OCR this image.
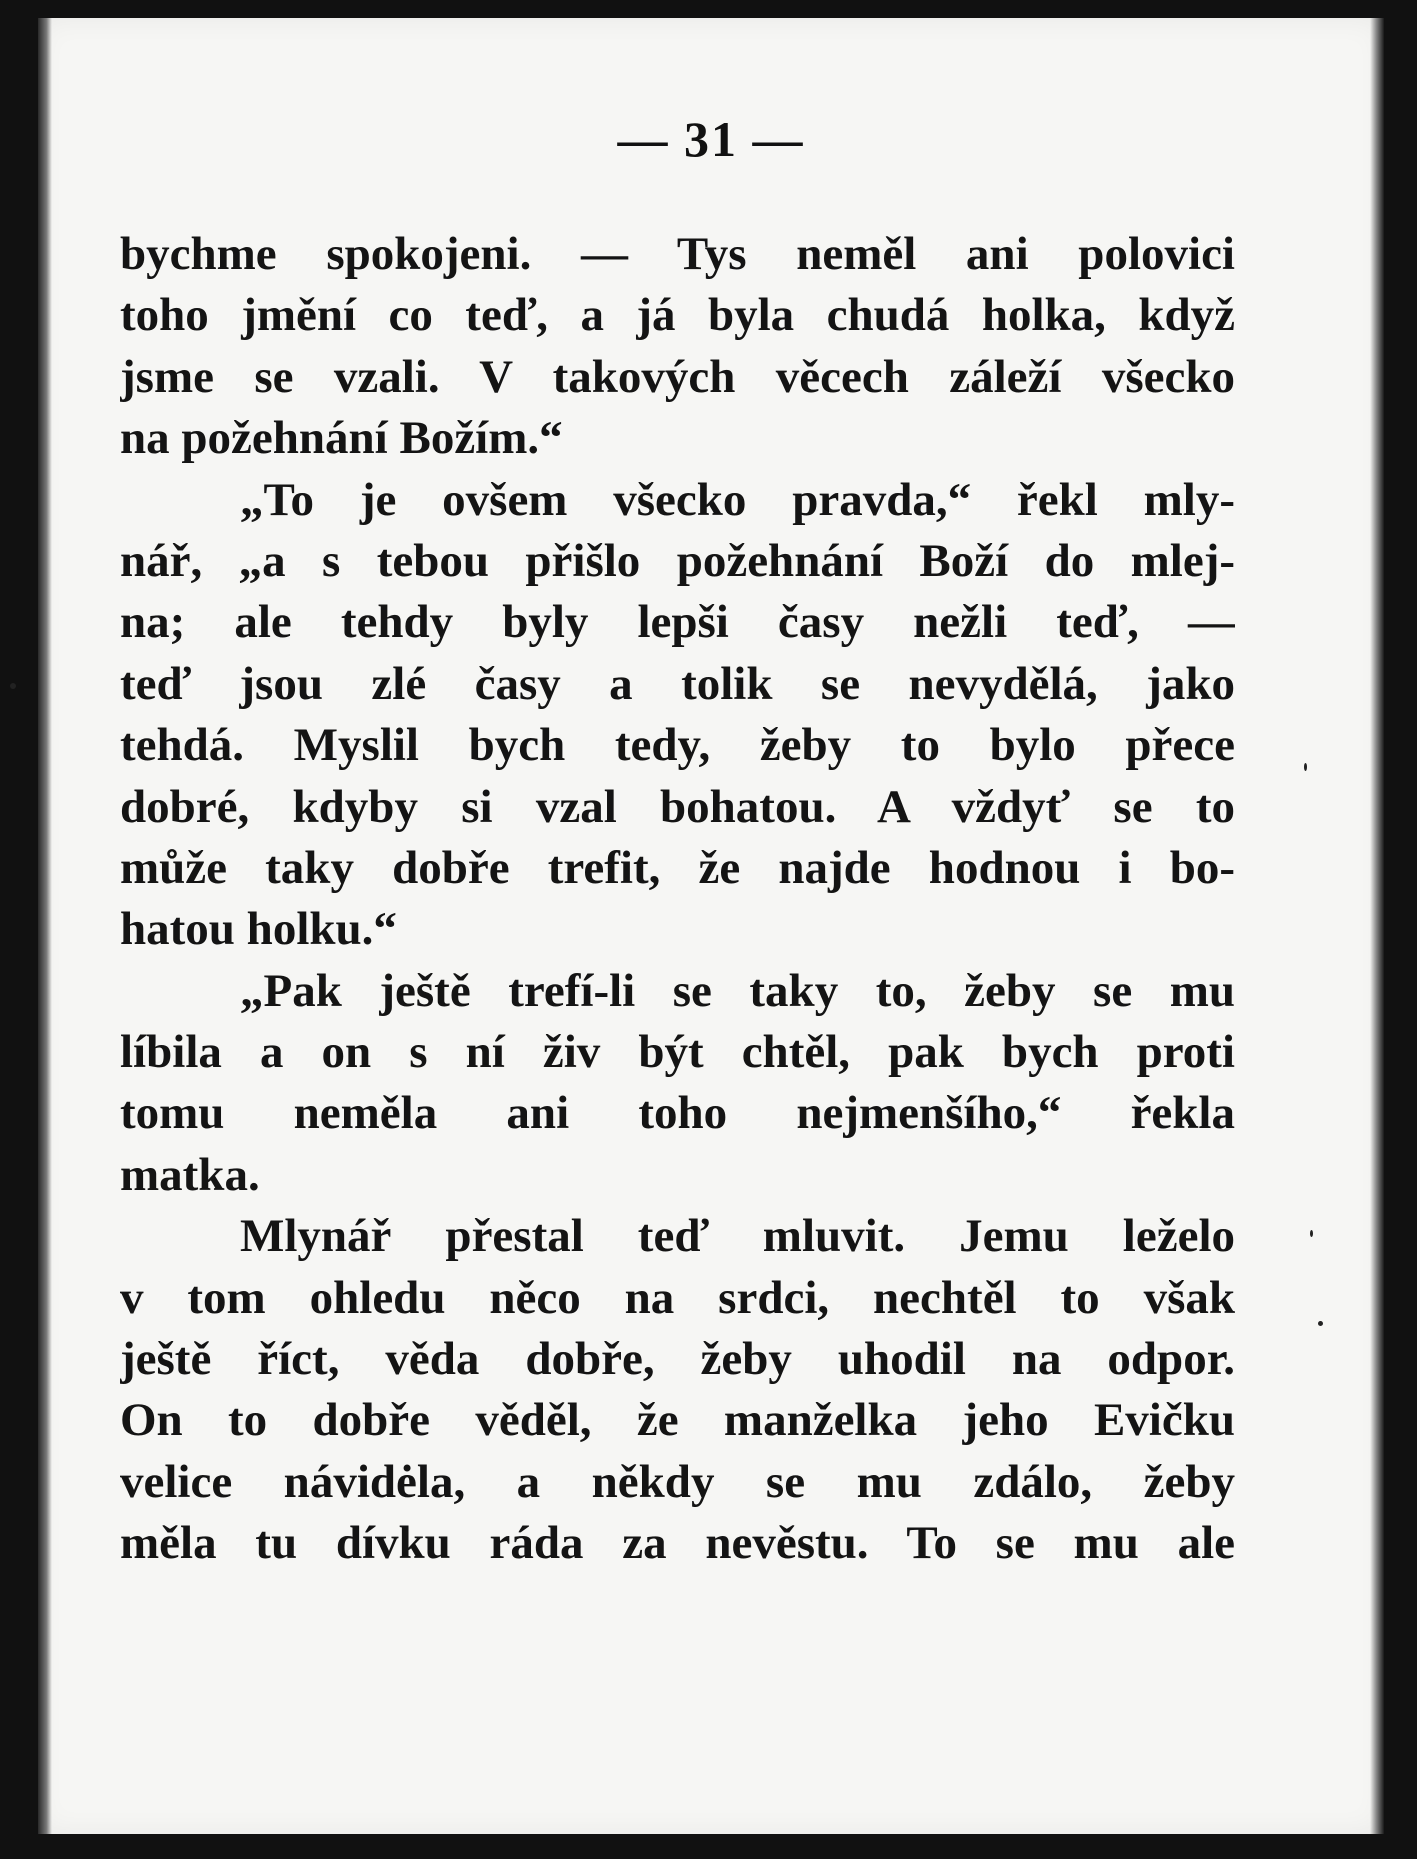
— 31 —
bychme spokojeni. — Tys neměl ani polovici
toho jmění co teď, a já byla chudá holka, když
jsme se vzali. V takových věcech záleží všecko
na požehnání Božím.“
„To je ovšem všecko pravda,“ řekl mly-
nář, „a s tebou přišlo požehnání Boží do mlej-
na; ale tehdy byly lepši časy nežli teď, —
teď jsou zlé časy a tolik se nevydělá, jako
tehdá. Myslil bych tedy, žeby to bylo přece
dobré, kdyby si vzal bohatou. A vždyť se to
může taky dobře trefit, že najde hodnou i bo-
hatou holku.“
„Pak ještě trefí-li se taky to, žeby se mu
líbila a on s ní živ být chtěl, pak bych proti
tomu neměla ani toho nejmenšího,“ řekla
matka.
Mlynář přestal teď mluvit. Jemu leželo
v tom ohledu něco na srdci, nechtěl to však
ještě říct, věda dobře, žeby uhodil na odpor.
On to dobře věděl, že manželka jeho Evičku
velice návidėla, a někdy se mu zdálo, žeby
měla tu dívku ráda za nevěstu. To se mu ale
